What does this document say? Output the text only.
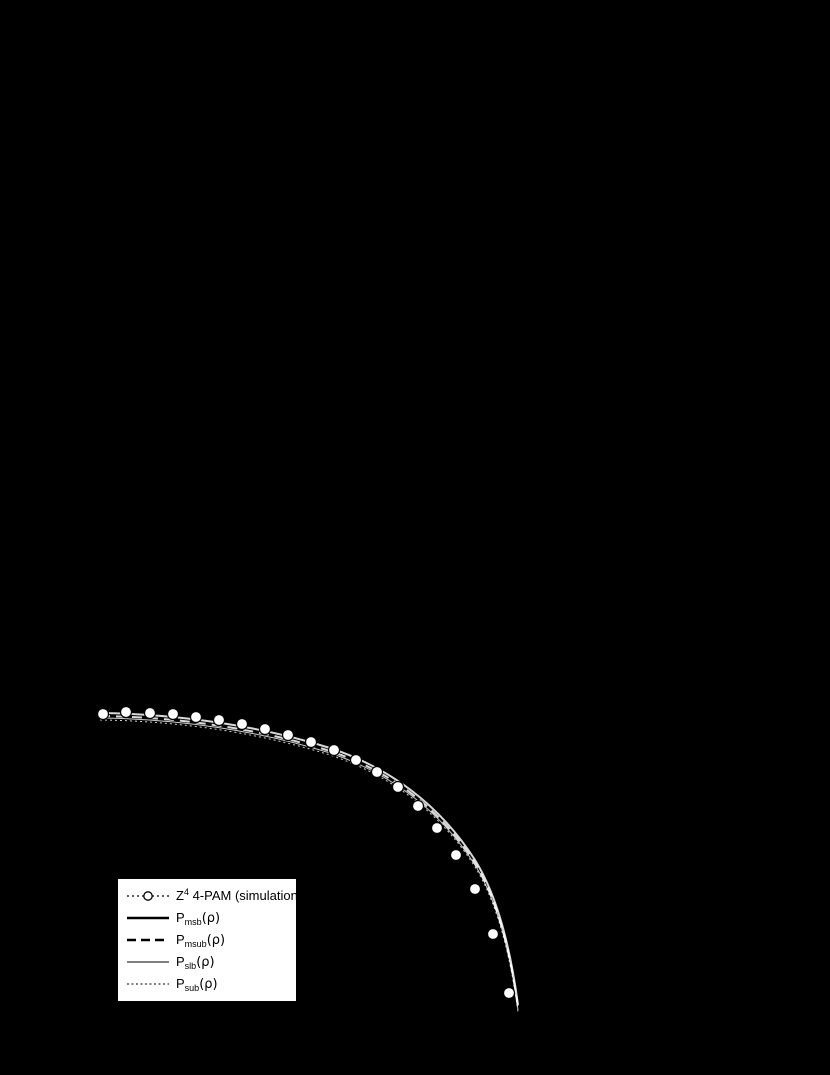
$Z^4$ 4-PAM (simulation)
$P_{msb}(\rho)$
$P_{msub}(\rho)$
$P_{slb}(\rho)$
$P_{sub}(\rho)$
